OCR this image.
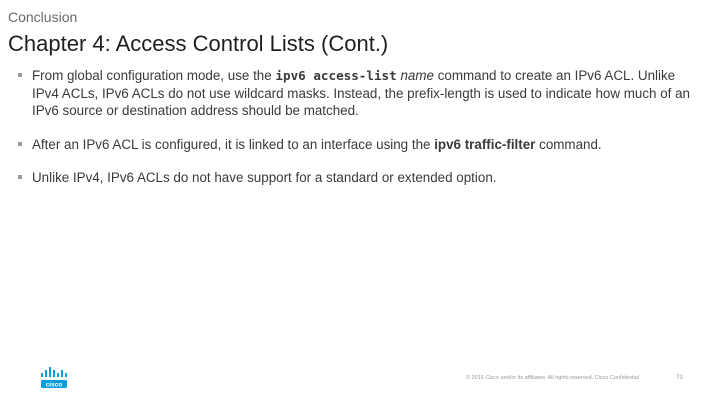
Conclusion
Chapter 4: Access Control Lists (Cont.)
From global configuration mode, use the ipv6 access-list name command to create an IPv6 ACL. Unlike IPv4 ACLs, IPv6 ACLs do not use wildcard masks. Instead, the prefix-length is used to indicate how much of an IPv6 source or destination address should be matched.
After an IPv6 ACL is configured, it is linked to an interface using the ipv6 traffic-filter command.
Unlike IPv4, IPv6 ACLs do not have support for a standard or extended option.
cisco
© 2016 Cisco and/or its affiliates. All rights reserved. Cisco Confidential	73
